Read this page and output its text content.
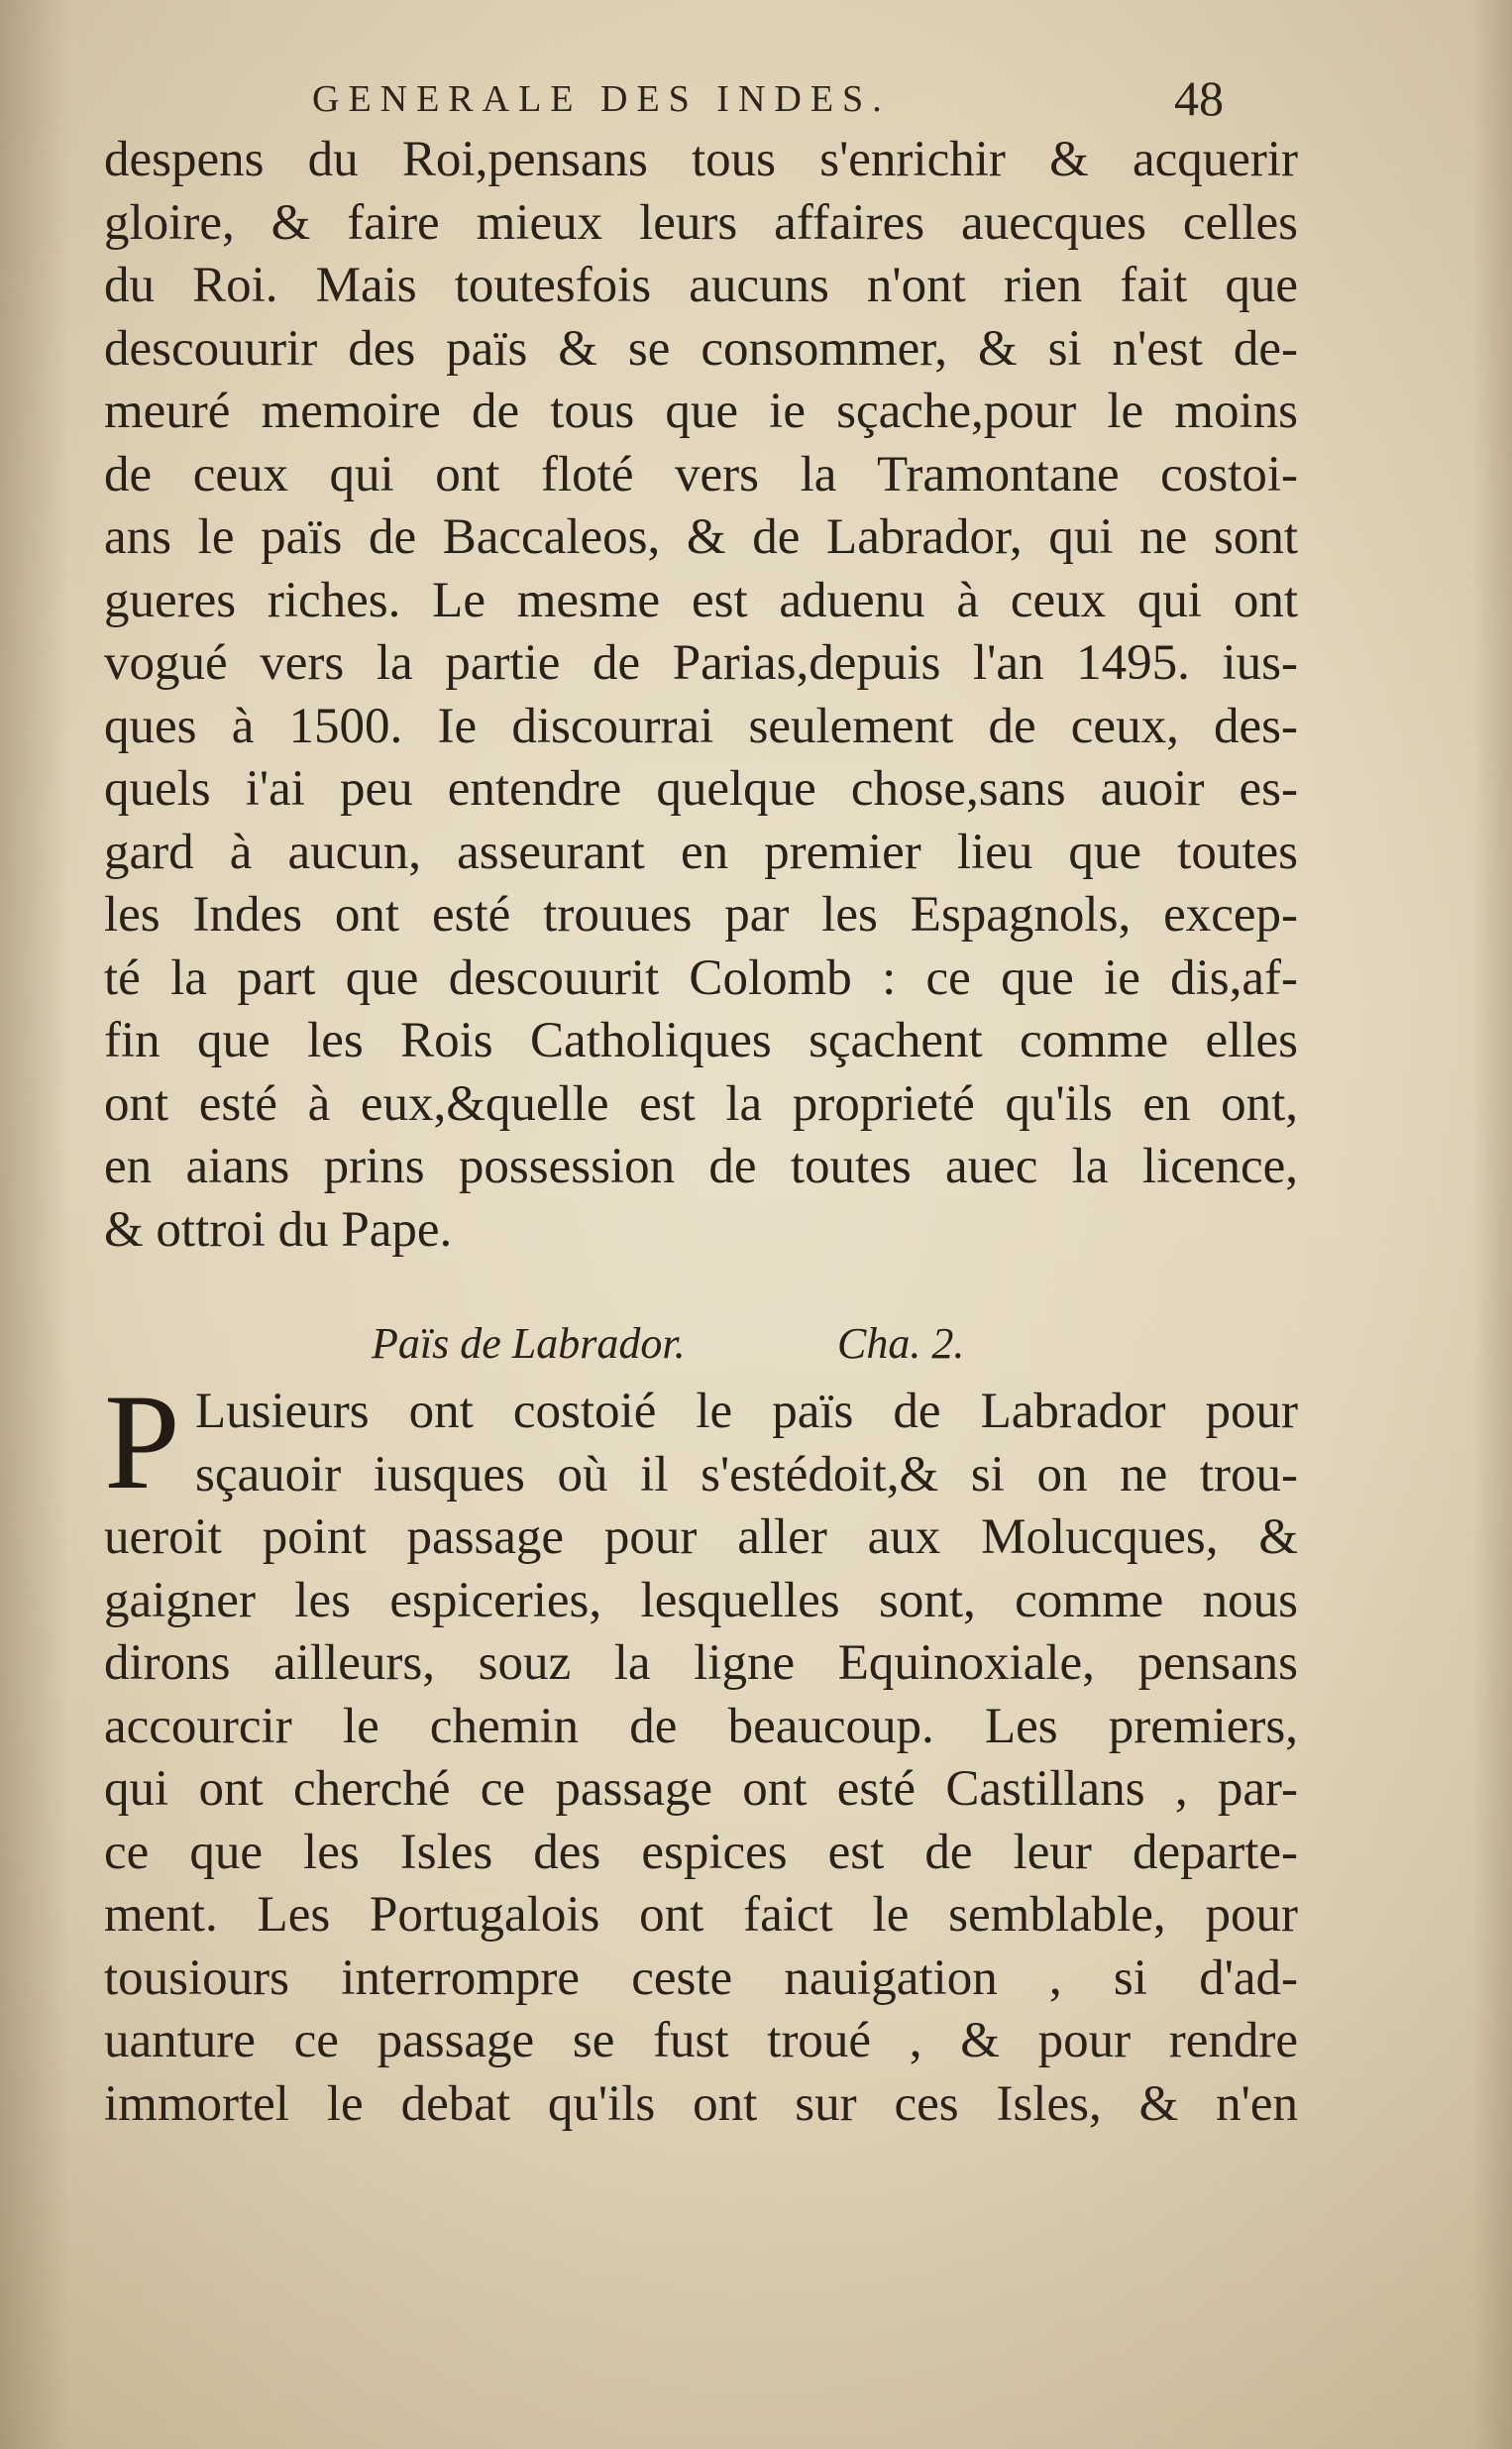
GENERALE DES INDES.	48
despens du Roi,pensans tous s'enrichir & acquerir
gloire, & faire mieux leurs affaires auecques celles
du Roi. Mais toutesfois aucuns n'ont rien fait que
descouurir des païs & se consommer, & si n'est de-
meuré memoire de tous que ie sçache,pour le moins
de ceux qui ont floté vers la Tramontane costoi-
ans le païs de Baccaleos, & de Labrador, qui ne sont
gueres riches. Le mesme est aduenu à ceux qui ont
vogué vers la partie de Parias,depuis l'an 1495. ius-
ques à 1500. Ie discourrai seulement de ceux, des-
quels i'ai peu entendre quelque chose,sans auoir es-
gard à aucun, asseurant en premier lieu que toutes
les Indes ont esté trouues par les Espagnols, excep-
té la part que descouurit Colomb : ce que ie dis,af-
fin que les Rois Catholiques sçachent comme elles
ont esté à eux,&quelle est la proprieté qu'ils en ont,
en aians prins possession de toutes auec la licence,
& ottroi du Pape.
Païs de Labrador.	Cha. 2.
P Lusieurs ont costoié le païs de Labrador pour
sçauoir iusques où il s'estédoit,& si on ne trou-
ueroit point passage pour aller aux Molucques, &
gaigner les espiceries, lesquelles sont, comme nous
dirons ailleurs, souz la ligne Equinoxiale, pensans
accourcir le chemin de beaucoup. Les premiers,
qui ont cherché ce passage ont esté Castillans , par-
ce que les Isles des espices est de leur departe-
ment. Les Portugalois ont faict le semblable, pour
tousiours interrompre ceste nauigation , si d'ad-
uanture ce passage se fust troué , & pour rendre
immortel le debat qu'ils ont sur ces Isles, & n'en
